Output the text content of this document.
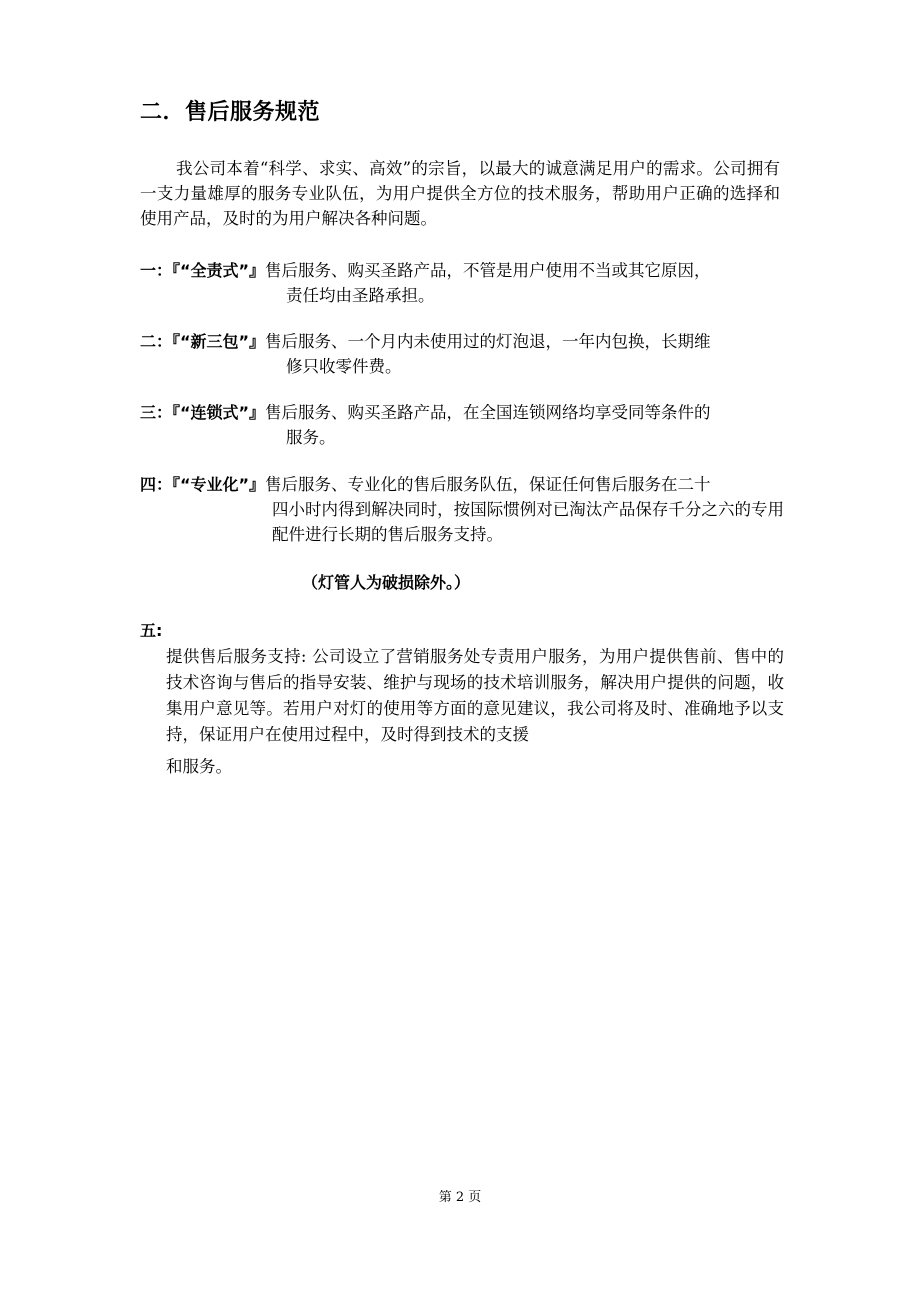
二．售后服务规范

我公司本着“科学、求实、高效”的宗旨，以最大的诚意满足用户的需求。公司拥有一支力量雄厚的服务专业队伍，为用户提供全方位的技术服务，帮助用户正确的选择和使用产品，及时的为用户解决各种问题。

一：『“全责式”』售后服务、购买圣路产品，不管是用户使用不当或其它原因，
责任均由圣路承担。
二：『“新三包”』售后服务、一个月内未使用过的灯泡退，一年内包换，长期维
修只收零件费。
三：『“连锁式”』售后服务、购买圣路产品，在全国连锁网络均享受同等条件的
服务。
四：『“专业化”』售后服务、专业化的售后服务队伍，保证任何售后服务在二十
四小时内得到解决同时，按国际惯例对已淘汰产品保存千分之六的专用配件进行长期的售后服务支持。

（灯管人为破损除外。）

五:
提供售后服务支持: 公司设立了营销服务处专责用户服务，为用户提供售前、售中的技术咨询与售后的指导安装、维护与现场的技术培训服务，解决用户提供的问题，收集用户意见等。若用户对灯的使用等方面的意见建议，我公司将及时、准确地予以支持，保证用户在使用过程中，及时得到技术的支援
和服务。
第 2 页
